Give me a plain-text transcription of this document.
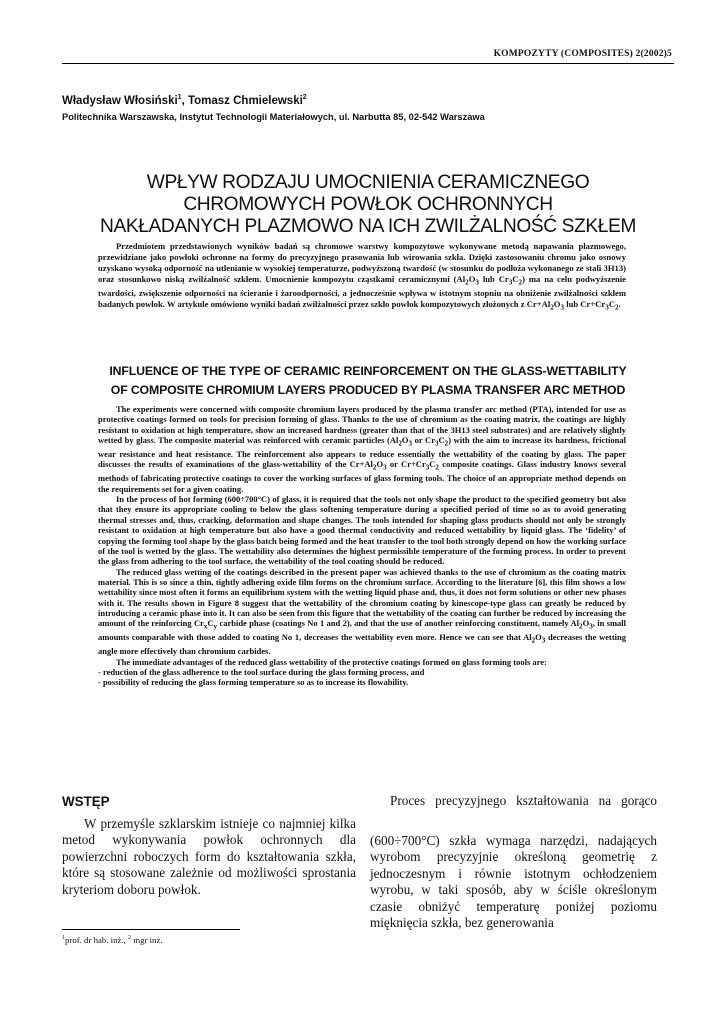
KOMPOZYTY (COMPOSITES) 2(2002)5
Władysław Włosiński$^1$, Tomasz Chmielewski$^2$
Politechnika Warszawska, Instytut Technologii Materiałowych, ul. Narbutta 85, 02-542 Warszawa
WPŁYW RODZAJU UMOCNIENIA CERAMICZNEGO
CHROMOWYCH POWŁOK OCHRONNYCH
NAKŁADANYCH PLAZMOWO NA ICH ZWILŻALNOŚĆ SZKŁEM

Przedmiotem przedstawionych wyników badań są chromowe warstwy kompozytowe wykonywane metodą napawania plazmowego, przewidziane jako powłoki ochronne na formy do precyzyjnego prasowania lub wirowania szkła. Dzięki zastosowaniu chromu jako osnowy uzyskano wysoką odporność na utlenianie w wysokiej temperaturze, podwyższoną twardość (w stosunku do podłoża wykonanego ze stali 3H13) oraz stosunkowo niską zwilżalność szkłem. Umocnienie kompozytu cząstkami ceramicznymi ($Al_2O_3$ lub $Cr_3C_2$) ma na celu podwyższenie twardości, zwiększenie odporności na ścieranie i żaroodporności, a jednocześnie wpływa w istotnym stopniu na obniżenie zwilżalności szkłem badanych powłok. W artykule omówiono wyniki badań zwilżalności przez szkło powłok kompozytowych złożonych z $Cr+Al_2O_3$ lub $Cr+Cr_3C_2$.

INFLUENCE OF THE TYPE OF CERAMIC REINFORCEMENT ON THE GLASS-WETTABILITY
OF COMPOSITE CHROMIUM LAYERS PRODUCED BY PLASMA TRANSFER ARC METHOD

The experiments were concerned with composite chromium layers produced by the plasma transfer arc method (PTA), intended for use as protective coatings formed on tools for precision forming of glass. Thanks to the use of chromium as the coating matrix, the coatings are highly resistant to oxidation at high temperature, show an increased hardness (greater than that of the 3H13 steel substrates) and are relatively slightly wetted by glass. The composite material was reinforced with ceramic particles ($Al_2O_3$ or $Cr_3C_2$) with the aim to increase its hardness, frictional wear resistance and heat resistance. The reinforcement also appears to reduce essentially the wettability of the coating by glass. The paper discusses the results of examinations of the glass-wettability of the $Cr+Al_2O_3$ or $Cr+Cr_3C_2$ composite coatings. Glass industry knows several methods of fabricating protective coatings to cover the working surfaces of glass forming tools. The choice of an appropriate method depends on the requirements set for a given coating.

In the process of hot forming (600÷700°C) of glass, it is required that the tools not only shape the product to the specified geometry but also that they ensure its appropriate cooling to below the glass softening temperature during a specified period of time so as to avoid generating thermal stresses and, thus, cracking, deformation and shape changes. The tools intended for shaping glass products should not only be strongly resistant to oxidation at high temperature but also have a good thermal conductivity and reduced wettability by liquid glass. The ‘fidelity’ of copying the forming tool shape by the glass batch being formed and the heat transfer to the tool both strongly depend on how the working surface of the tool is wetted by the glass. The wettability also determines the highest permissible temperature of the forming process. In order to prevent the glass from adhering to the tool surface, the wettability of the tool coating should be reduced.

The reduced glass wetting of the coatings described in the present paper was achieved thanks to the use of chromium as the coating matrix material. This is so since a thin, tightly adhering oxide film forms on the chromium surface. According to the literature [6], this film shows a low wettability since most often it forms an equilibrium system with the wetting liquid phase and, thus, it does not form solutions or other new phases with it. The results shown in Figure 8 suggest that the wettability of the chromium coating by kinescope-type glass can greatly be reduced by introducing a ceramic phase into it. It can also be seen from this figure that the wettability of the coating can further be reduced by increasing the amount of the reinforcing $Cr_xC_y$ carbide phase (coatings No 1 and 2), and that the use of another reinforcing constituent, namely $Al_2O_3$, in small amounts comparable with those added to coating No 1, decreases the wettability even more. Hence we can see that $Al_2O_3$ decreases the wetting angle more effectively than chromium carbides.

The immediate advantages of the reduced glass wettability of the protective coatings formed on glass forming tools are:

- reduction of the glass adherence to the tool surface during the glass forming process, and

- possibility of reducing the glass forming temperature so as to increase its flowability.

WSTĘP

W przemyśle szklarskim istnieje co najmniej kilka metod wykonywania powłok ochronnych dla powierzchni roboczych form do kształtowania szkła, które są stosowane zależnie od możliwości sprostania kryteriom doboru powłok.

Proces precyzyjnego kształtowania na gorąco

(600÷700°C) szkła wymaga narzędzi, nadających wyrobom precyzyjnie określoną geometrię z jednoczesnym i równie istotnym ochłodzeniem wyrobu, w taki sposób, aby w ściśle określonym czasie obniżyć temperaturę poniżej poziomu mięknięcia szkła, bez generowania

$^1$prof. dr hab. inż., $^2$ mgr inż.
